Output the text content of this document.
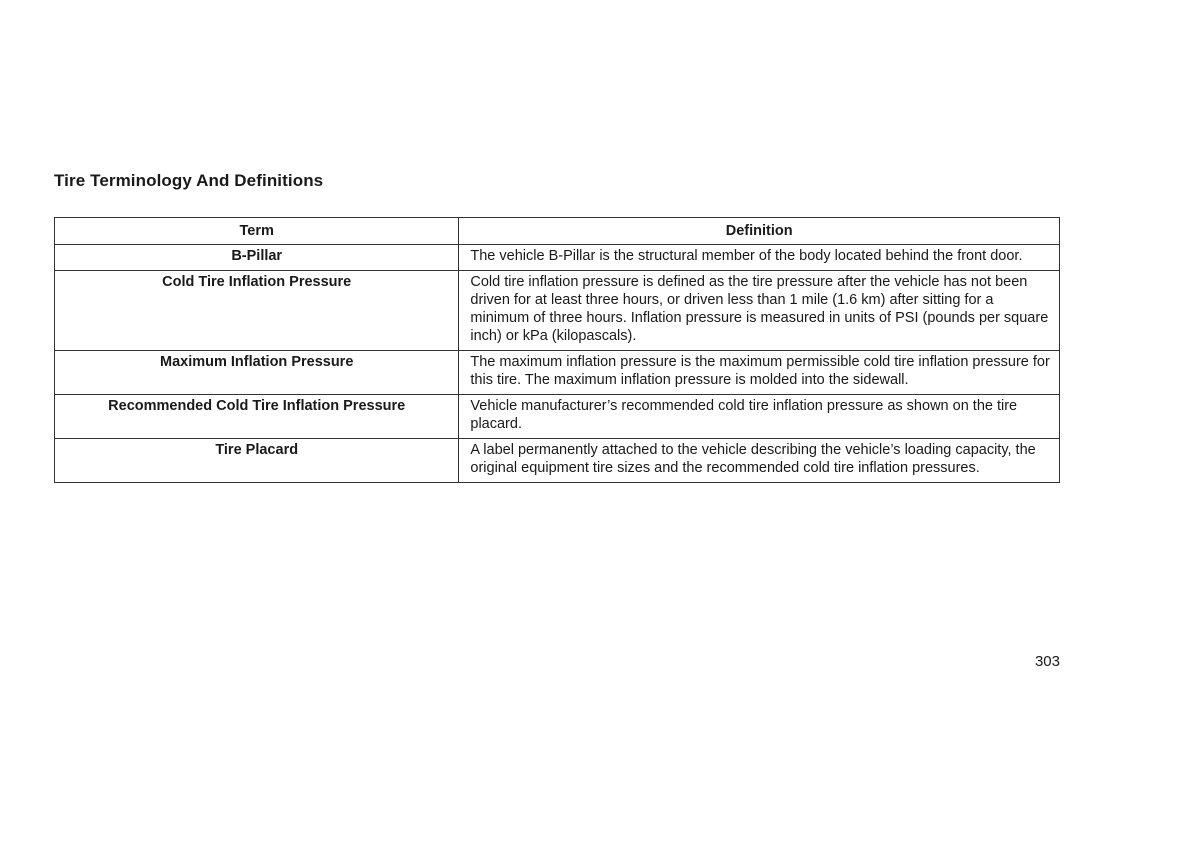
Tire Terminology And Definitions
Term	Definition
B-Pillar	The vehicle B-Pillar is the structural member of the body located behind the front door.
Cold Tire Inflation Pressure	Cold tire inflation pressure is defined as the tire pressure after the vehicle has not been driven for at least three hours, or driven less than 1 mile (1.6 km) after sitting for a minimum of three hours. Inflation pressure is measured in units of PSI (pounds per square inch) or kPa (kilopascals).
Maximum Inflation Pressure	The maximum inflation pressure is the maximum permissible cold tire inflation pressure for this tire. The maximum inflation pressure is molded into the sidewall.
Recommended Cold Tire Inflation Pressure	Vehicle manufacturer’s recommended cold tire inflation pressure as shown on the tire placard.
Tire Placard	A label permanently attached to the vehicle describing the vehicle’s loading capacity, the original equipment tire sizes and the recommended cold tire inflation pressures.
303
